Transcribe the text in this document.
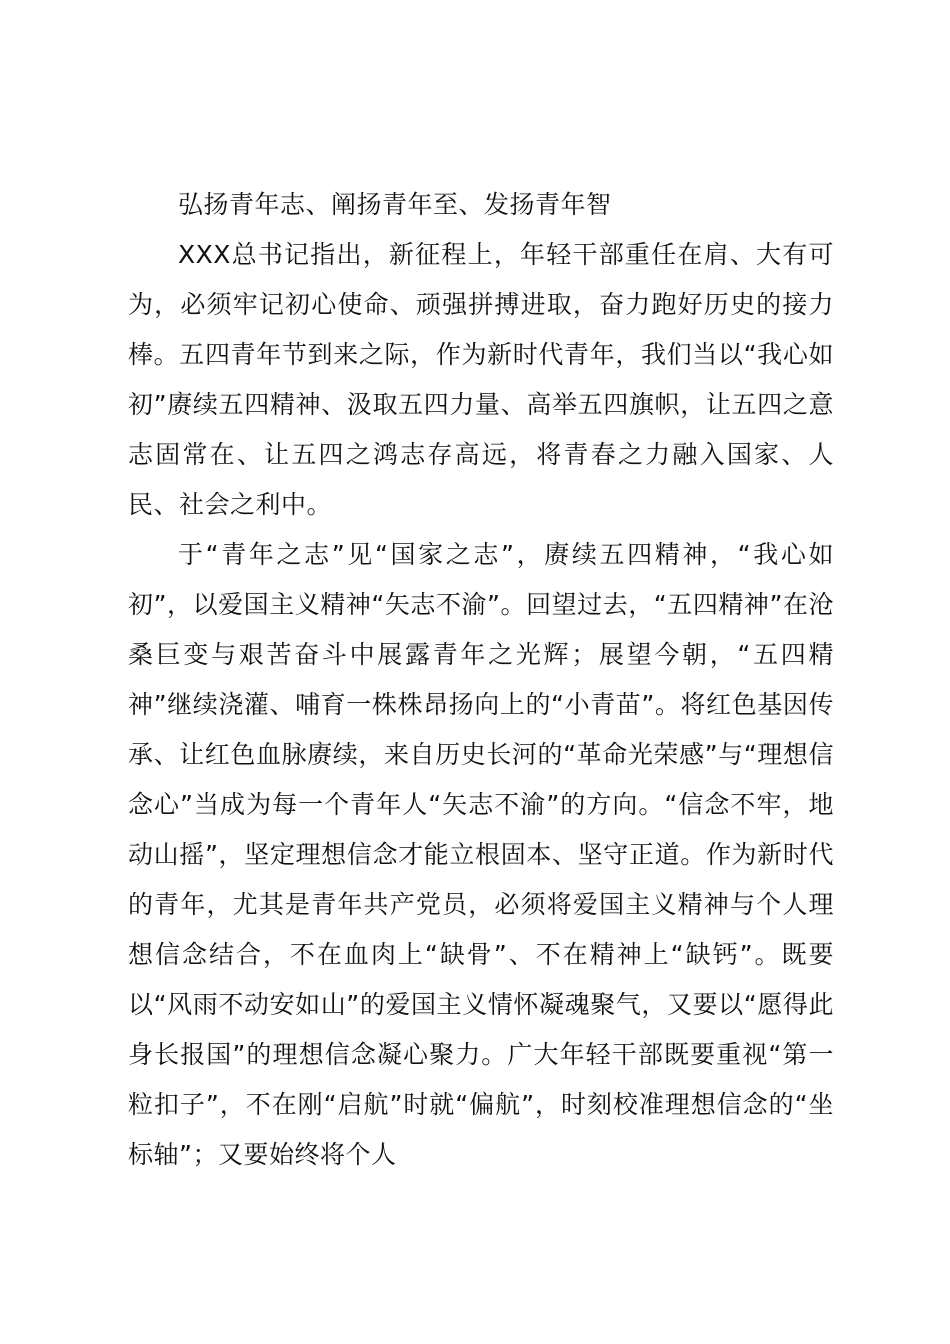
弘扬青年志、阐扬青年至、发扬青年智

XXX总书记指出，新征程上，年轻干部重任在肩、大有可为，必须牢记初心使命、顽强拼搏进取，奋力跑好历史的接力棒。五四青年节到来之际，作为新时代青年，我们当以“我心如初”赓续五四精神、汲取五四力量、高举五四旗帜，让五四之意志固常在、让五四之鸿志存高远，将青春之力融入国家、人民、社会之利中。

于“青年之志”见“国家之志”，赓续五四精神，“我心如初”，以爱国主义精神“矢志不渝”。回望过去，“五四精神”在沧桑巨变与艰苦奋斗中展露青年之光辉；展望今朝，“五四精神”继续浇灌、哺育一株株昂扬向上的“小青苗”。将红色基因传承、让红色血脉赓续，来自历史长河的“革命光荣感”与“理想信念心”当成为每一个青年人“矢志不渝”的方向。“信念不牢，地动山摇”，坚定理想信念才能立根固本、坚守正道。作为新时代的青年，尤其是青年共产党员，必须将爱国主义精神与个人理想信念结合，不在血肉上“缺骨”、不在精神上“缺钙”。既要以“风雨不动安如山”的爱国主义情怀凝魂聚气，又要以“愿得此身长报国”的理想信念凝心聚力。广大年轻干部既要重视“第一粒扣子”，不在刚“启航”时就“偏航”，时刻校准理想信念的“坐标轴”；又要始终将个人
